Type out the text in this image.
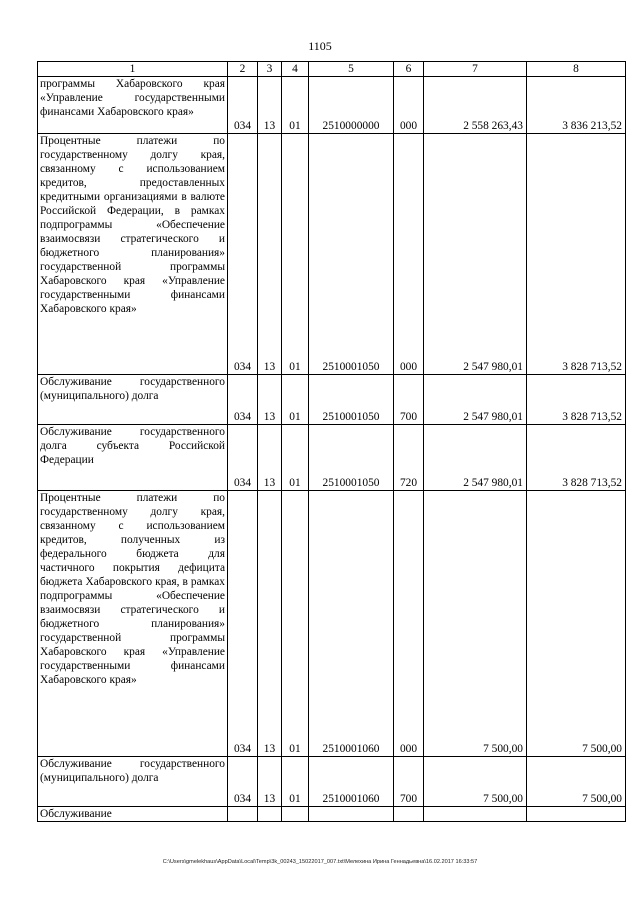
1105
1	2	3	4	5	6	7	8
программы Хабаровского края «Управление государственными финансами Хабаровского края»	034	13	01	2510000000	000	2 558 263,43	3 836 213,52
Процентные платежи по государственному долгу края, связанному с использованием кредитов, предоставленных кредитными организациями в валюте Российской Федерации, в рамках подпрограммы «Обеспечение взаимосвязи стратегического и бюджетного планирования» государственной программы Хабаровского края «Управление государственными финансами Хабаровского края»	034	13	01	2510001050	000	2 547 980,01	3 828 713,52
Обслуживание государственного (муниципального) долга	034	13	01	2510001050	700	2 547 980,01	3 828 713,52
Обслуживание государственного долга субъекта Российской Федерации	034	13	01	2510001050	720	2 547 980,01	3 828 713,52
Процентные платежи по государственному долгу края, связанному с использованием кредитов, полученных из федерального бюджета для частичного покрытия дефицита бюджета Хабаровского края, в рамках подпрограммы «Обеспечение взаимосвязи стратегического и бюджетного планирования» государственной программы Хабаровского края «Управление государственными финансами Хабаровского края»	034	13	01	2510001060	000	7 500,00	7 500,00
Обслуживание государственного (муниципального) долга	034	13	01	2510001060	700	7 500,00	7 500,00
Обслуживание							
C:\Users\gmelekhaus\AppData\Local\Temp\3k_00243_15022017_007.txt\Мелехина Ирина Геннадьевна\16.02.2017 16:33:57
